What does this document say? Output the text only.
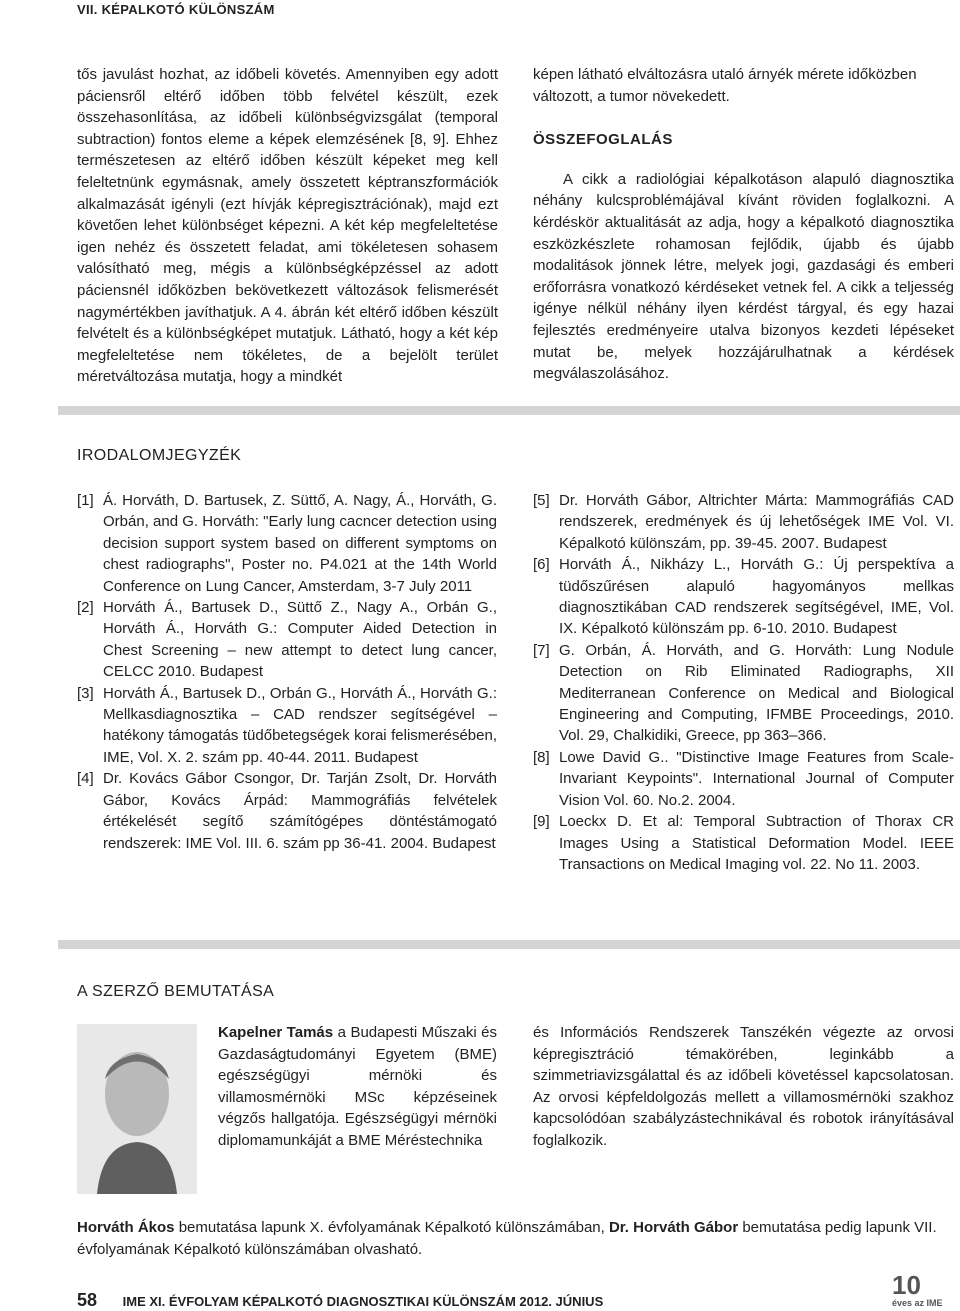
VII. KÉPALKOTÓ KÜLÖNSZÁM

tős javulást hozhat, az időbeli követés. Amennyiben egy adott páciensről eltérő időben több felvétel készült, ezek összehasonlítása, az időbeli különbségvizsgálat (temporal subtraction) fontos eleme a képek elemzésének [8, 9]. Ehhez természetesen az eltérő időben készült képeket meg kell feleltetnünk egymásnak, amely összetett képtranszformációk alkalmazását igényli (ezt hívják képregisztrációnak), majd ezt követően lehet különbséget képezni. A két kép megfeleltetése igen nehéz és összetett feladat, ami tökéletesen sohasem valósítható meg, mégis a különbségképzéssel az adott páciensnél időközben bekövetkezett változások felismerését nagymértékben javíthatjuk. A 4. ábrán két eltérő időben készült felvételt és a különbségképet mutatjuk. Látható, hogy a két kép megfeleltetése nem tökéletes, de a bejelölt terület méretváltozása mutatja, hogy a mindkét

képen látható elváltozásra utaló árnyék mérete időközben változott, a tumor növekedett.

ÖSSZEFOGLALÁS

A cikk a radiológiai képalkotáson alapuló diagnosztika néhány kulcsproblémájával kívánt röviden foglalkozni. A kérdéskör aktualitását az adja, hogy a képalkotó diagnosztika eszközkészlete rohamosan fejlődik, újabb és újabb modalitások jönnek létre, melyek jogi, gazdasági és emberi erőforrásra vonatkozó kérdéseket vetnek fel. A cikk a teljesség igénye nélkül néhány ilyen kérdést tárgyal, és egy hazai fejlesztés eredményeire utalva bizonyos kezdeti lépéseket mutat be, melyek hozzájárulhatnak a kérdések megválaszolásához.

IRODALOMJEGYZÉK
[1] Á. Horváth, D. Bartusek, Z. Süttő, A. Nagy, Á., Horváth, G. Orbán, and G. Horváth: "Early lung cacncer detection using decision support system based on different symptoms on chest radiographs", Poster no. P4.021 at the 14th World Conference on Lung Cancer, Amsterdam, 3-7 July 2011
[2] Horváth Á., Bartusek D., Süttő Z., Nagy A., Orbán G., Horváth Á., Horváth G.: Computer Aided Detection in Chest Screening – new attempt to detect lung cancer, CELCC 2010. Budapest
[3] Horváth Á., Bartusek D., Orbán G., Horváth Á., Horváth G.: Mellkasdiagnosztika – CAD rendszer segítségével – hatékony támogatás tüdőbetegségek korai felismerésében, IME, Vol. X. 2. szám pp. 40-44. 2011. Budapest
[4] Dr. Kovács Gábor Csongor, Dr. Tarján Zsolt, Dr. Horváth Gábor, Kovács Árpád: Mammográfiás felvételek értékelését segítő számítógépes döntéstámogató rendszerek: IME Vol. III. 6. szám pp 36-41. 2004. Budapest
[5] Dr. Horváth Gábor, Altrichter Márta: Mammográfiás CAD rendszerek, eredmények és új lehetőségek IME Vol. VI. Képalkotó különszám, pp. 39-45. 2007. Budapest
[6] Horváth Á., Nikházy L., Horváth G.: Új perspektíva a tüdőszűrésen alapuló hagyományos mellkas diagnosztikában CAD rendszerek segítségével, IME, Vol. IX. Képalkotó különszám pp. 6-10. 2010. Budapest
[7] G. Orbán, Á. Horváth, and G. Horváth: Lung Nodule Detection on Rib Eliminated Radiographs, XII Mediterranean Conference on Medical and Biological Engineering and Computing, IFMBE Proceedings, 2010. Vol. 29, Chalkidiki, Greece, pp 363–366.
[8] Lowe David G.. "Distinctive Image Features from Scale-Invariant Keypoints". International Journal of Computer Vision Vol. 60. No.2. 2004.
[9] Loeckx D. Et al: Temporal Subtraction of Thorax CR Images Using a Statistical Deformation Model. IEEE Transactions on Medical Imaging vol. 22. No 11. 2003.
A SZERZŐ BEMUTATÁSA
Kapelner Tamás a Budapesti Műszaki és Gazdaságtudományi Egyetem (BME) egészségügyi mérnöki és villamosmérnöki MSc képzéseinek végzős hallgatója. Egészségügyi mérnöki diplomamunkáját a BME Méréstechnika
és Információs Rendszerek Tanszékén végezte az orvosi képregisztráció témakörében, leginkább a szimmetriavizsgálattal és az időbeli követéssel kapcsolatosan. Az orvosi képfeldolgozás mellett a villamosmérnöki szakhoz kapcsolódóan szabályzástechnikával és robotok irányításával foglalkozik.
Horváth Ákos bemutatása lapunk X. évfolyamának Képalkotó különszámában, Dr. Horváth Gábor bemutatása pedig lapunk VII. évfolyamának Képalkotó különszámában olvasható.
58 IME XI. ÉVFOLYAM KÉPALKOTÓ DIAGNOSZTIKAI KÜLÖNSZÁM 2012. JÚNIUS
10
éves az IME
